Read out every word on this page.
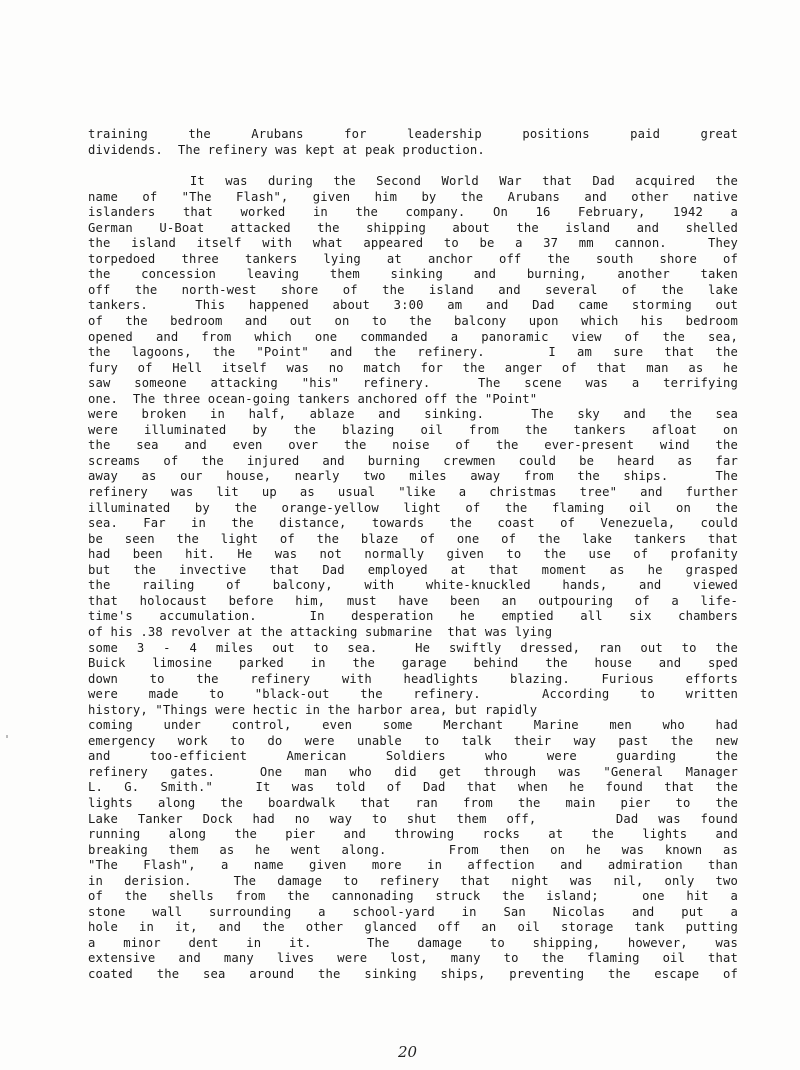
training the Arubans for leadership positions paid great
dividends.  The refinery was kept at peak production.
It was during the Second World War that Dad acquired the
name of "The Flash", given him by the Arubans and other native
islanders that worked in the company. On 16 February, 1942 a
German U-Boat attacked the shipping about the island and shelled
the island itself with what appeared to be a 37 mm cannon.  They
torpedoed three tankers lying at anchor off the south shore of
the concession leaving them sinking and burning, another taken
off the north-west shore of the island and several of the lake
tankers.  This happened about 3:00 am and Dad came storming out
of the bedroom and out on to the balcony upon which his bedroom
opened and from which one commanded a panoramic view of the sea,
the lagoons, the "Point" and the refinery.   I am sure that the
fury of Hell itself was no match for the anger of that man as he
saw someone attacking "his" refinery.  The scene was a terrifying
one.  The three ocean-going tankers anchored off the "Point"
were broken in half, ablaze and sinking.  The sky and the sea
were illuminated by the blazing oil from the tankers afloat on
the sea and even over the noise of the ever-present wind the
screams of the injured and burning crewmen could be heard as far
away as our house, nearly two miles away from the ships.  The
refinery was lit up as usual "like a christmas tree" and further
illuminated by the orange-yellow light of the flaming oil on the
sea. Far in the distance, towards the coast of Venezuela, could
be seen the light of the blaze of one of the lake tankers that
had been hit. He was not normally given to the use of profanity
but the invective that Dad employed at that moment as he grasped
the railing of balcony, with white-knuckled hands, and viewed
that holocaust before him, must have been an outpouring of a life-
time's accumulation.  In desperation he emptied all six chambers
of his .38 revolver at the attacking submarine  that was lying
some 3 - 4 miles out to sea.  He swiftly dressed, ran out to the
Buick limosine parked in the garage behind the house and sped
down to the refinery with headlights blazing. Furious efforts
were made to "black-out the refinery.  According to written
history, "Things were hectic in the harbor area, but rapidly
coming under control, even some Merchant Marine men who had
emergency work to do were unable to talk their way past the new
and too-efficient American Soldiers who were guarding the
refinery gates.  One man who did get through was "General Manager
L. G. Smith."  It was told of Dad that when he found that the
lights along the boardwalk that ran from the main pier to the
Lake Tanker Dock had no way to shut them off,    Dad was found
running along the pier and throwing rocks at the lights and
breaking them as he went along.   From then on he was known as
"The Flash", a name given more in affection and admiration than
in derision.  The damage to refinery that night was nil, only two
of the shells from the cannonading struck the island;  one hit a
stone wall surrounding a school-yard in San Nicolas and put a
hole in it, and the other glanced off an oil storage tank putting
a minor dent in it.  The damage to shipping, however, was
extensive and many lives were lost, many to the flaming oil that
coated the sea around the sinking ships, preventing the escape of
20
